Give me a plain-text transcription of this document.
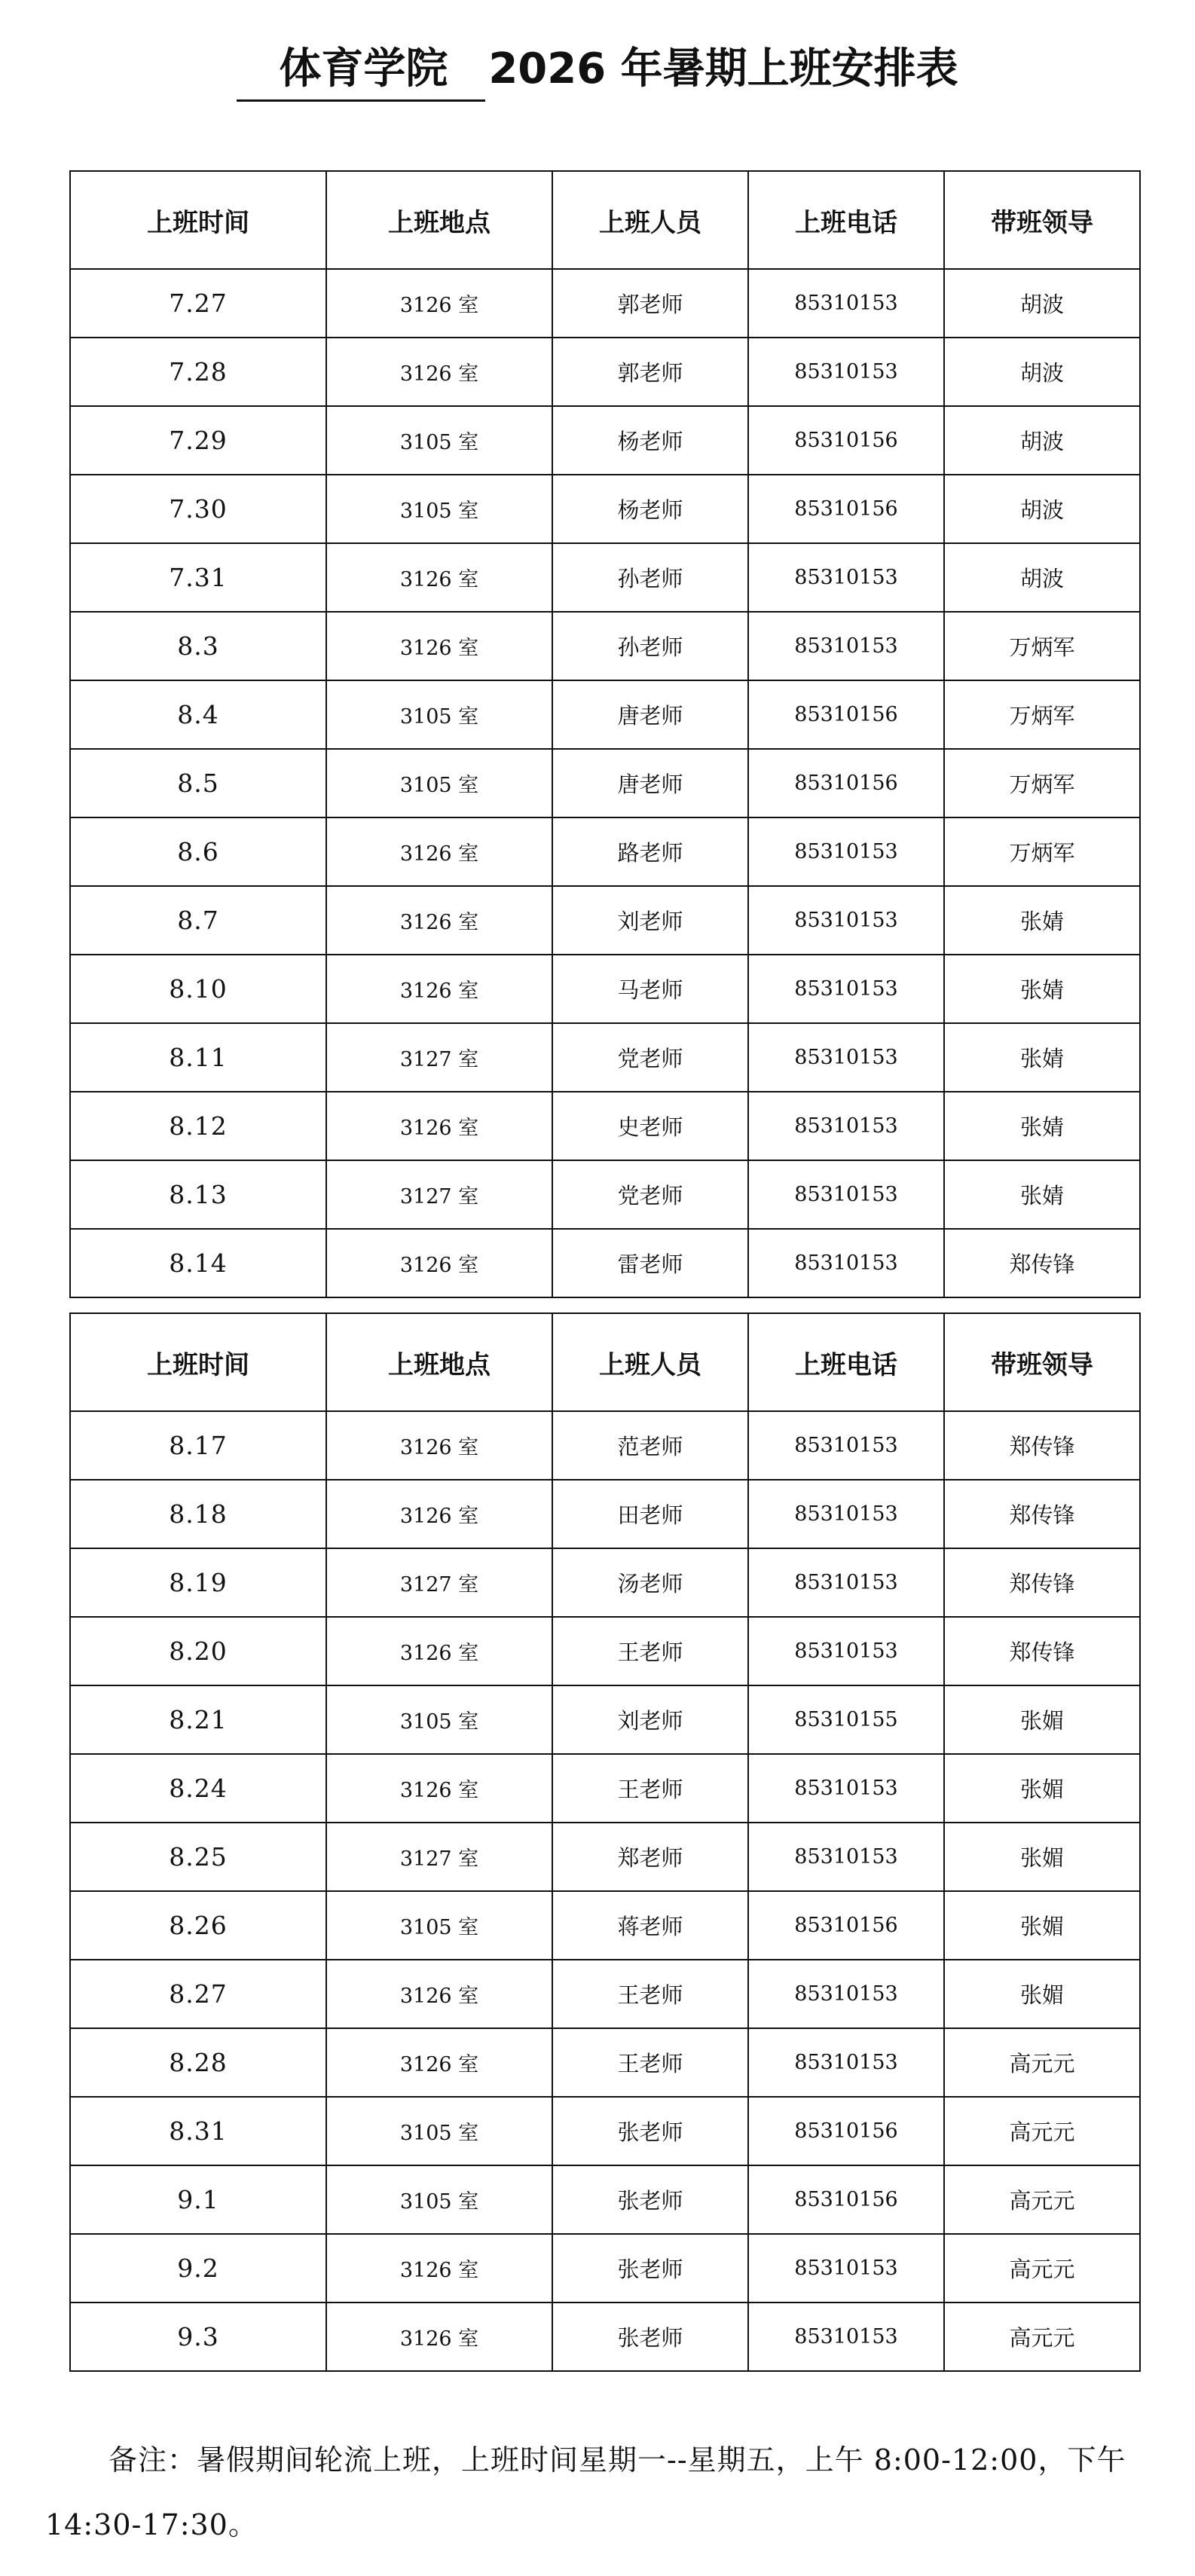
体育学院 2026 年暑期上班安排表
上班时间	上班地点	上班人员	上班电话	带班领导
7.27	3126 室	郭老师	85310153	胡波
7.28	3126 室	郭老师	85310153	胡波
7.29	3105 室	杨老师	85310156	胡波
7.30	3105 室	杨老师	85310156	胡波
7.31	3126 室	孙老师	85310153	胡波
8.3	3126 室	孙老师	85310153	万炳军
8.4	3105 室	唐老师	85310156	万炳军
8.5	3105 室	唐老师	85310156	万炳军
8.6	3126 室	路老师	85310153	万炳军
8.7	3126 室	刘老师	85310153	张婧
8.10	3126 室	马老师	85310153	张婧
8.11	3127 室	党老师	85310153	张婧
8.12	3126 室	史老师	85310153	张婧
8.13	3127 室	党老师	85310153	张婧
8.14	3126 室	雷老师	85310153	郑传锋
上班时间	上班地点	上班人员	上班电话	带班领导
8.17	3126 室	范老师	85310153	郑传锋
8.18	3126 室	田老师	85310153	郑传锋
8.19	3127 室	汤老师	85310153	郑传锋
8.20	3126 室	王老师	85310153	郑传锋
8.21	3105 室	刘老师	85310155	张媚
8.24	3126 室	王老师	85310153	张媚
8.25	3127 室	郑老师	85310153	张媚
8.26	3105 室	蒋老师	85310156	张媚
8.27	3126 室	王老师	85310153	张媚
8.28	3126 室	王老师	85310153	高元元
8.31	3105 室	张老师	85310156	高元元
9.1	3105 室	张老师	85310156	高元元
9.2	3126 室	张老师	85310153	高元元
9.3	3126 室	张老师	85310153	高元元
备注：暑假期间轮流上班，上班时间星期一--星期五，上午 8:00-12:00，下午 14:30-17:30。
